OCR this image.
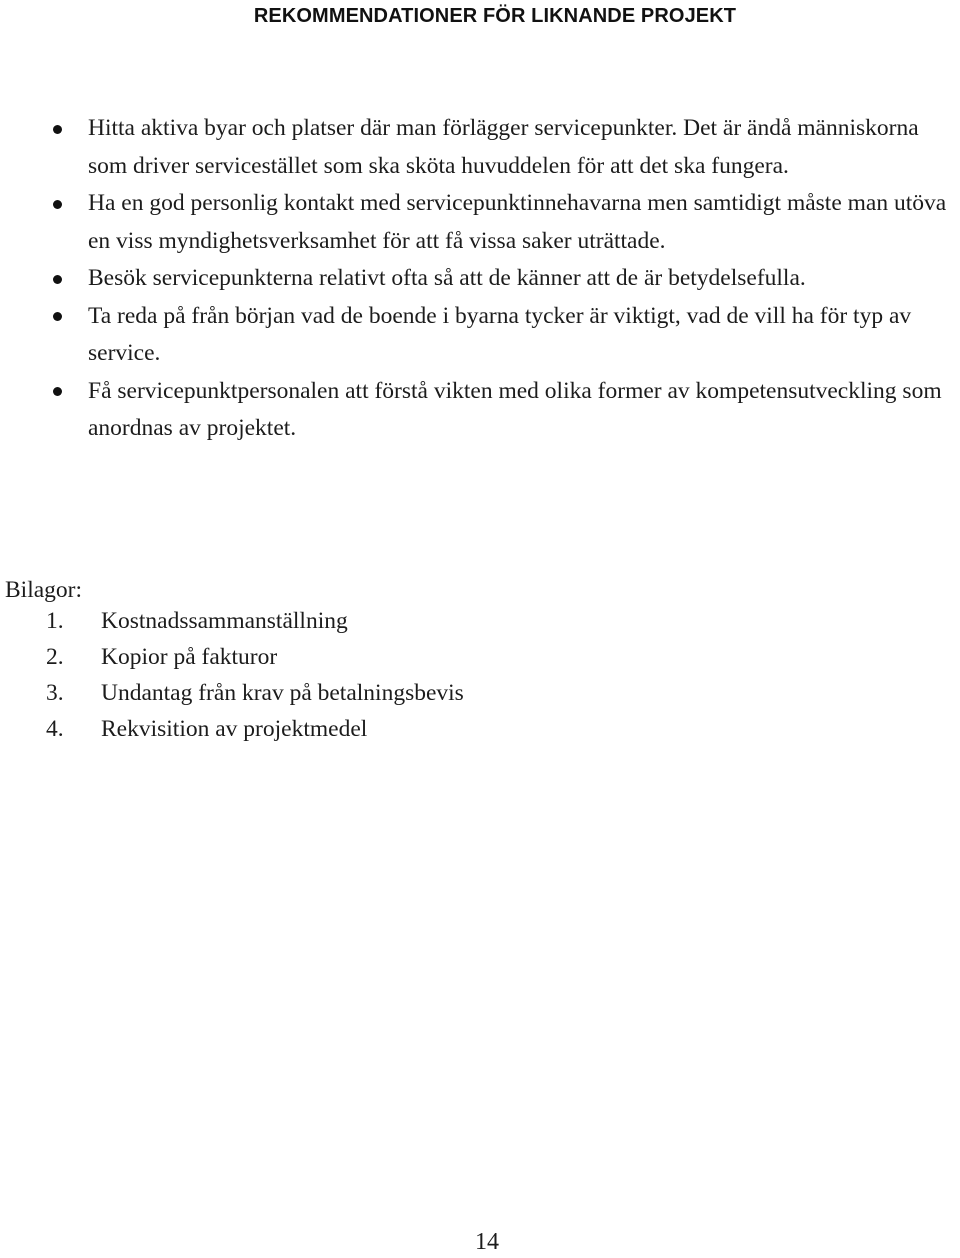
REKOMMENDATIONER FÖR LIKNANDE PROJEKT
Hitta aktiva byar och platser där man förlägger servicepunkter. Det är ändå människorna som driver servicestället som ska sköta huvuddelen för att det ska fungera.
Ha en god personlig kontakt med servicepunktinnehavarna men samtidigt måste man utöva en viss myndighetsverksamhet för att få vissa saker uträttade.
Besök servicepunkterna relativt ofta så att de känner att de är betydelsefulla.
Ta reda på från början vad de boende i byarna tycker är viktigt, vad de vill ha för typ av service.
Få servicepunktpersonalen att förstå vikten med olika former av kompetensutveckling som anordnas av projektet.
Bilagor:
1. Kostnadssammanställning
2. Kopior på fakturor
3. Undantag från krav på betalningsbevis
4. Rekvisition av projektmedel
14
